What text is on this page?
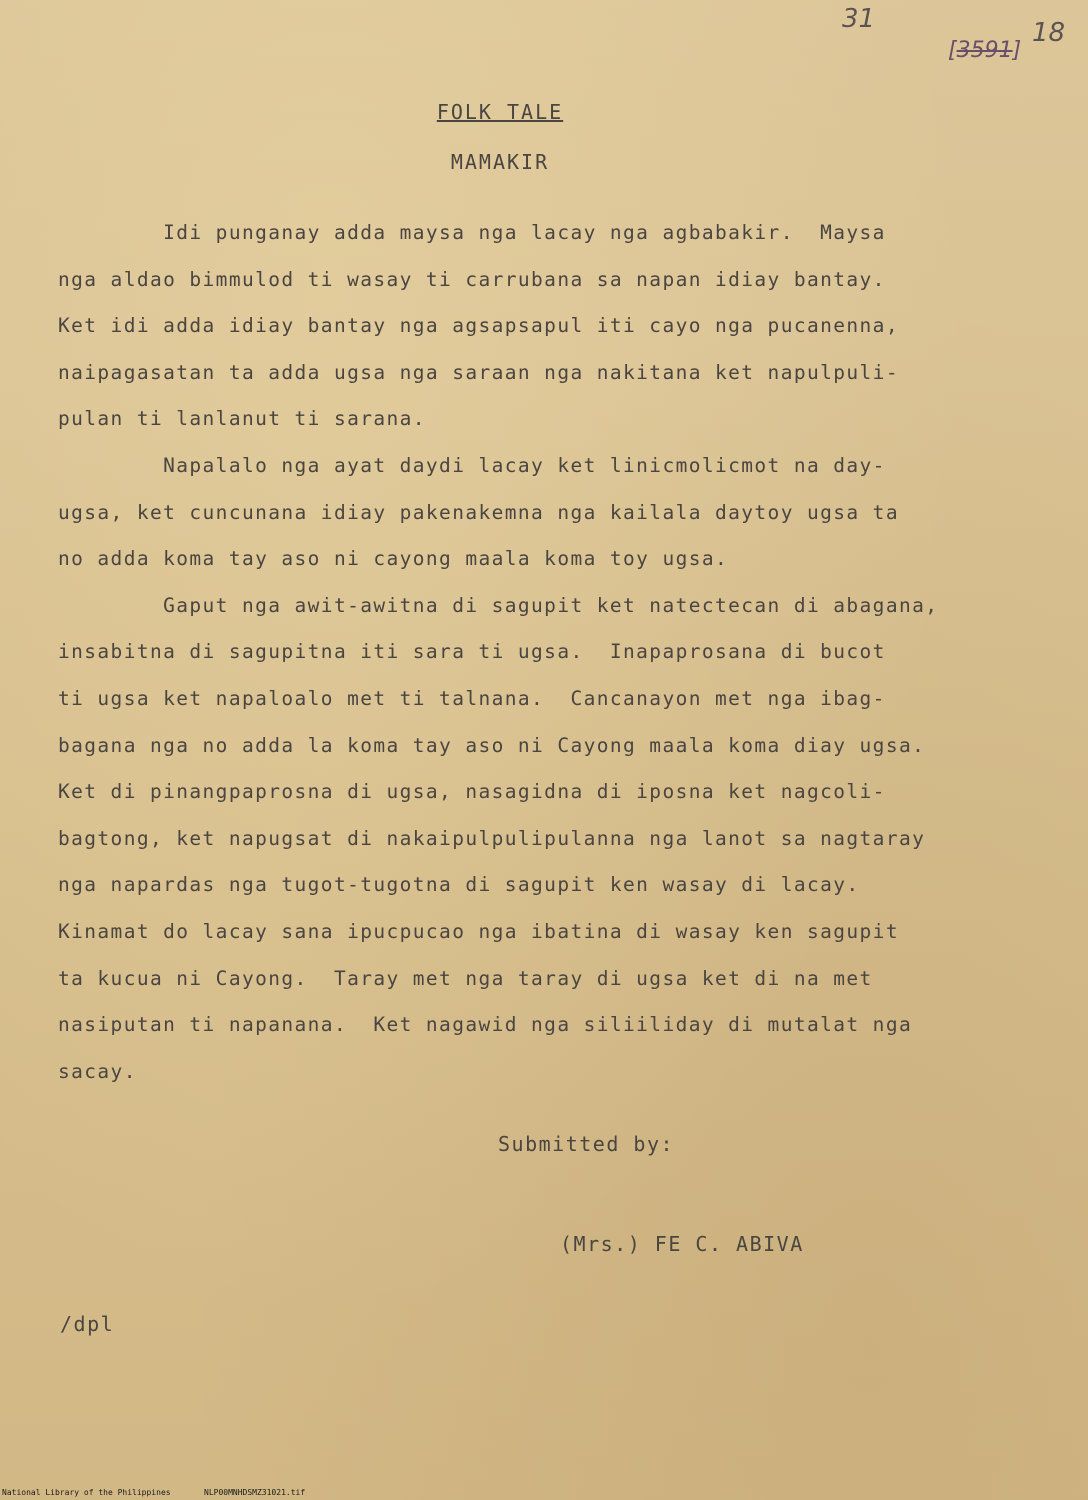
31
[3591]
18
FOLK TALE
MAMAKIR
Idi punganay adda maysa nga lacay nga agbabakir.  Maysa
nga aldao bimmulod ti wasay ti carrubana sa napan idiay bantay.
Ket idi adda idiay bantay nga agsapsapul iti cayo nga pucanenna,
naipagasatan ta adda ugsa nga saraan nga nakitana ket napulpuli-
pulan ti lanlanut ti sarana.
Napalalo nga ayat daydi lacay ket linicmolicmot na day-
ugsa, ket cuncunana idiay pakenakemna nga kailala daytoy ugsa ta
no adda koma tay aso ni cayong maala koma toy ugsa.
Gaput nga awit-awitna di sagupit ket natectecan di abagana,
insabitna di sagupitna iti sara ti ugsa.  Inapaprosana di bucot
ti ugsa ket napaloalo met ti talnana.  Cancanayon met nga ibag-
bagana nga no adda la koma tay aso ni Cayong maala koma diay ugsa.
Ket di pinangpaprosna di ugsa, nasagidna di iposna ket nagcoli-
bagtong, ket napugsat di nakaipulpulipulanna nga lanot sa nagtaray
nga napardas nga tugot-tugotna di sagupit ken wasay di lacay.
Kinamat do lacay sana ipucpucao nga ibatina di wasay ken sagupit
ta kucua ni Cayong.  Taray met nga taray di ugsa ket di na met
nasiputan ti napanana.  Ket nagawid nga siliiliday di mutalat nga
sacay.
Submitted by:
(Mrs.) FE C. ABIVA
/dpl
National Library of the Philippines	NLP00MNHDSMZ31021.tif
